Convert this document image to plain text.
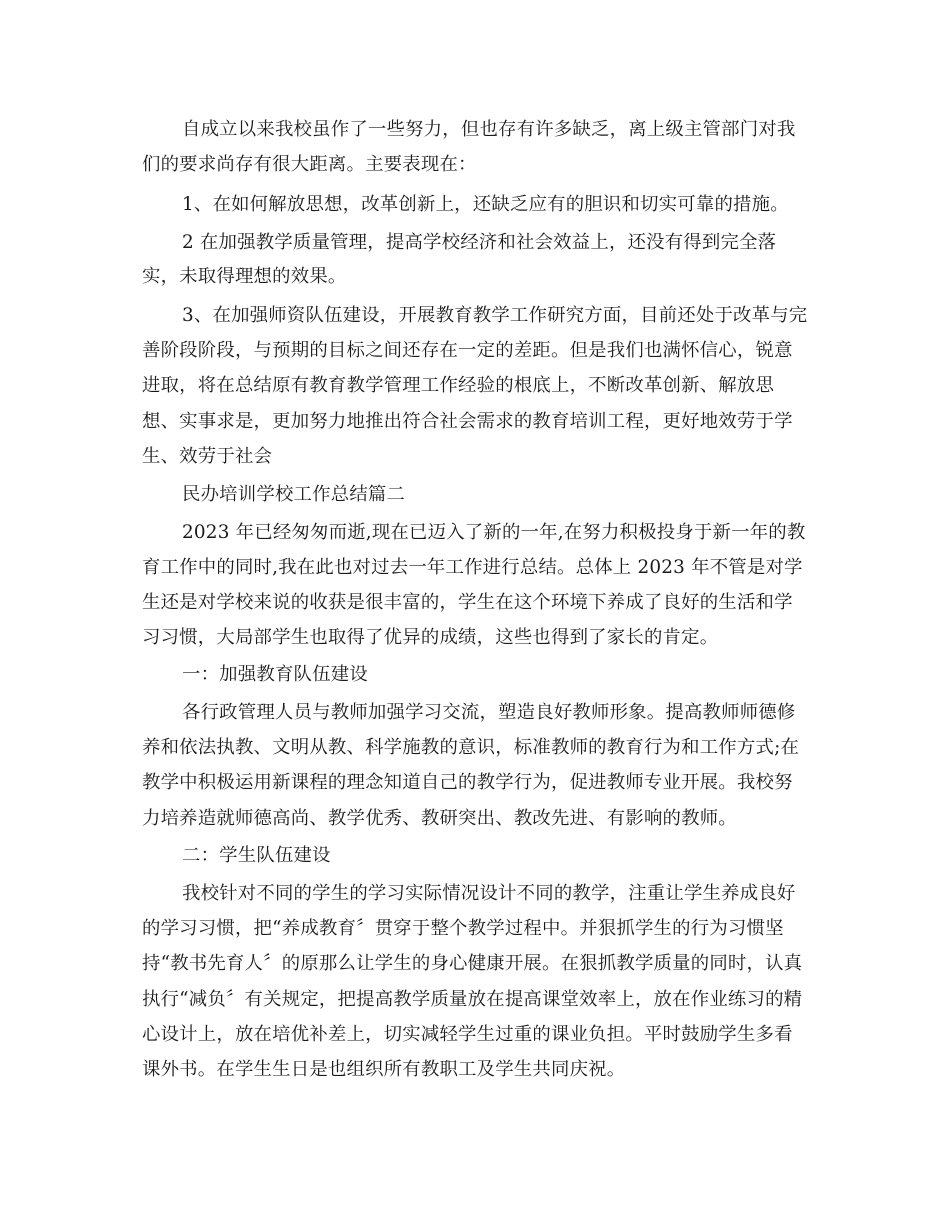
自成立以来我校虽作了一些努力，但也存有许多缺乏，离上级主管部门对我
们的要求尚存有很大距离。主要表现在：
1、在如何解放思想，改革创新上，还缺乏应有的胆识和切实可靠的措施。
2 在加强教学质量管理，提高学校经济和社会效益上，还没有得到完全落
实，未取得理想的效果。
3、在加强师资队伍建设，开展教育教学工作研究方面，目前还处于改革与完
善阶段阶段，与预期的目标之间还存在一定的差距。但是我们也满怀信心，锐意
进取，将在总结原有教育教学管理工作经验的根底上，不断改革创新、解放思
想、实事求是，更加努力地推出符合社会需求的教育培训工程，更好地效劳于学
生、效劳于社会
民办培训学校工作总结篇二
2023 年已经匆匆而逝,现在已迈入了新的一年,在努力积极投身于新一年的教
育工作中的同时,我在此也对过去一年工作进行总结。总体上 2023 年不管是对学
生还是对学校来说的收获是很丰富的，学生在这个环境下养成了良好的生活和学
习习惯，大局部学生也取得了优异的成绩，这些也得到了家长的肯定。
一：加强教育队伍建设
各行政管理人员与教师加强学习交流，塑造良好教师形象。提高教师师德修
养和依法执教、文明从教、科学施教的意识，标准教师的教育行为和工作方式;在
教学中积极运用新课程的理念知道自己的教学行为，促进教师专业开展。我校努
力培养造就师德高尚、教学优秀、教研突出、教改先进、有影响的教师。
二：学生队伍建设
我校针对不同的学生的学习实际情况设计不同的教学，注重让学生养成良好
的学习习惯，把“养成教育〞贯穿于整个教学过程中。并狠抓学生的行为习惯坚
持“教书先育人〞的原那么让学生的身心健康开展。在狠抓教学质量的同时，认真
执行“减负〞有关规定，把提高教学质量放在提高课堂效率上，放在作业练习的精
心设计上，放在培优补差上，切实减轻学生过重的课业负担。平时鼓励学生多看
课外书。在学生生日是也组织所有教职工及学生共同庆祝。
